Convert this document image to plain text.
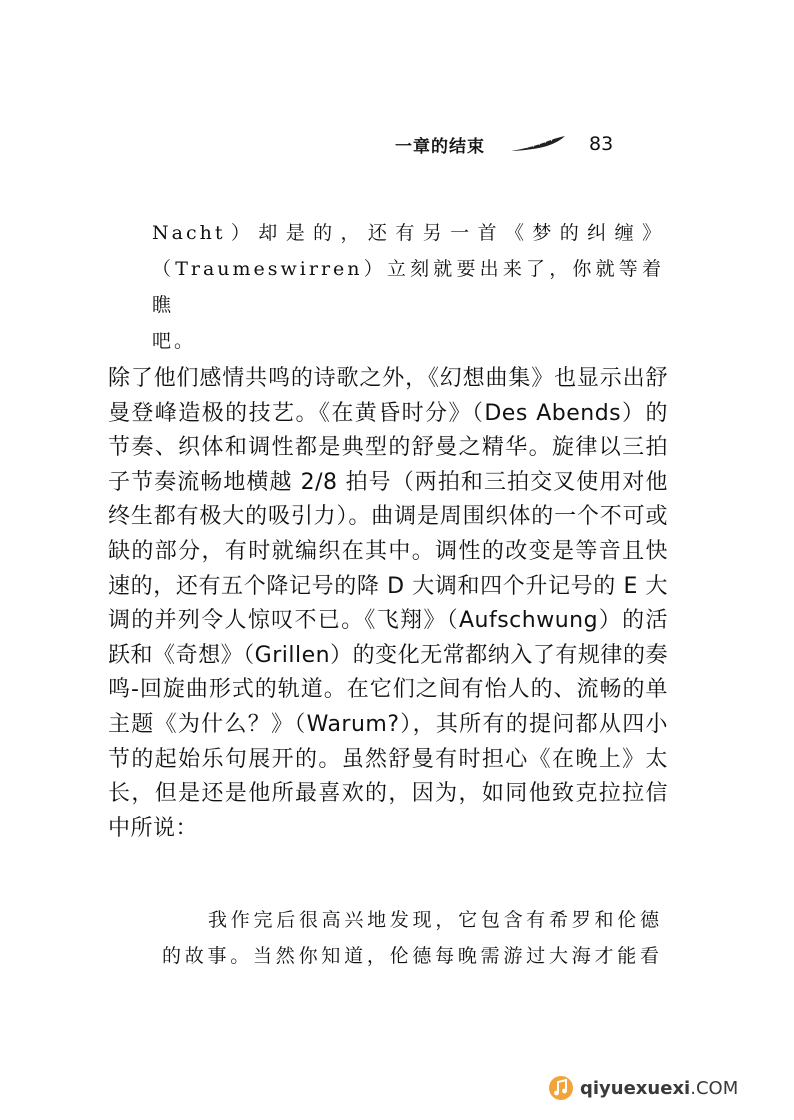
一章的结束	83
Nacht）却是的，还有另一首《梦的纠缠》
（Traumeswirren）立刻就要出来了，你就等着瞧
吧。
除了他们感情共鸣的诗歌之外，《幻想曲集》也显示出舒曼登峰造极的技艺。《在黄昏时分》（Des Abends）的节奏、织体和调性都是典型的舒曼之精华。旋律以三拍子节奏流畅地横越 2/8 拍号（两拍和三拍交叉使用对他终生都有极大的吸引力）。曲调是周围织体的一个不可或缺的部分，有时就编织在其中。调性的改变是等音且快速的，还有五个降记号的降 D 大调和四个升记号的 E 大调的并列令人惊叹不已。《飞翔》（Aufschwung）的活跃和《奇想》（Grillen）的变化无常都纳入了有规律的奏鸣-回旋曲形式的轨道。在它们之间有怡人的、流畅的单主题《为什么？》（Warum?），其所有的提问都从四小节的起始乐句展开的。虽然舒曼有时担心《在晚上》太长，但是还是他所最喜欢的，因为，如同他致克拉拉信中所说：
我作完后很高兴地发现，它包含有希罗和伦德
的故事。当然你知道，伦德每晚需游过大海才能看
qiyuexuexi.COM
